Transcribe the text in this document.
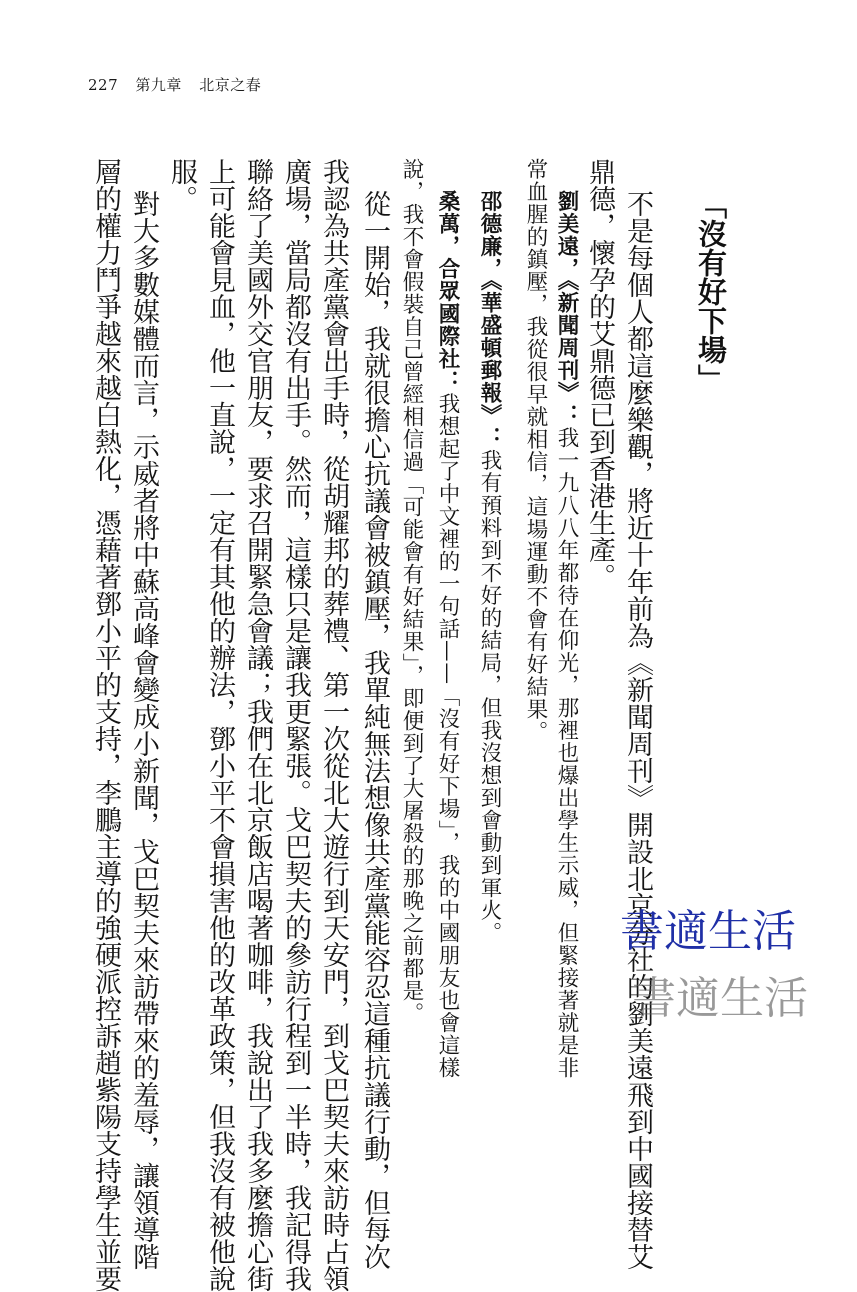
227 第九章 北京之春
「沒有好下場」
不是每個人都這麼樂觀，將近十年前為《新聞周刊》開設北京分社的劉美遠飛到中國接替艾
鼎德，懷孕的艾鼎德已到香港生產。
劉美遠，《新聞周刊》：我一九八八年都待在仰光，那裡也爆出學生示威，但緊接著就是非
常血腥的鎮壓，我從很早就相信，這場運動不會有好結果。
邵德廉，《華盛頓郵報》：我有預料到不好的結局，但我沒想到會動到軍火。
桑萬，合眾國際社：我想起了中文裡的一句話——「沒有好下場」，我的中國朋友也會這樣
說，我不會假裝自己曾經相信過「可能會有好結果」，即便到了大屠殺的那晚之前都是。
從一開始，我就很擔心抗議會被鎮壓，我單純無法想像共產黨能容忍這種抗議行動，但每次
我認為共產黨會出手時，從胡耀邦的葬禮、第一次從北大遊行到天安門，到戈巴契夫來訪時占領
廣場，當局都沒有出手。然而，這樣只是讓我更緊張。戈巴契夫的參訪行程到一半時，我記得我
聯絡了美國外交官朋友，要求召開緊急會議；我們在北京飯店喝著咖啡，我說出了我多麼擔心街
上可能會見血，他一直說，一定有其他的辦法，鄧小平不會損害他的改革政策，但我沒有被他說
服。
對大多數媒體而言，示威者將中蘇高峰會變成小新聞，戈巴契夫來訪帶來的羞辱，讓領導階
層的權力鬥爭越來越白熱化，憑藉著鄧小平的支持，李鵬主導的強硬派控訴趙紫陽支持學生並要	書適生活
書適生活
